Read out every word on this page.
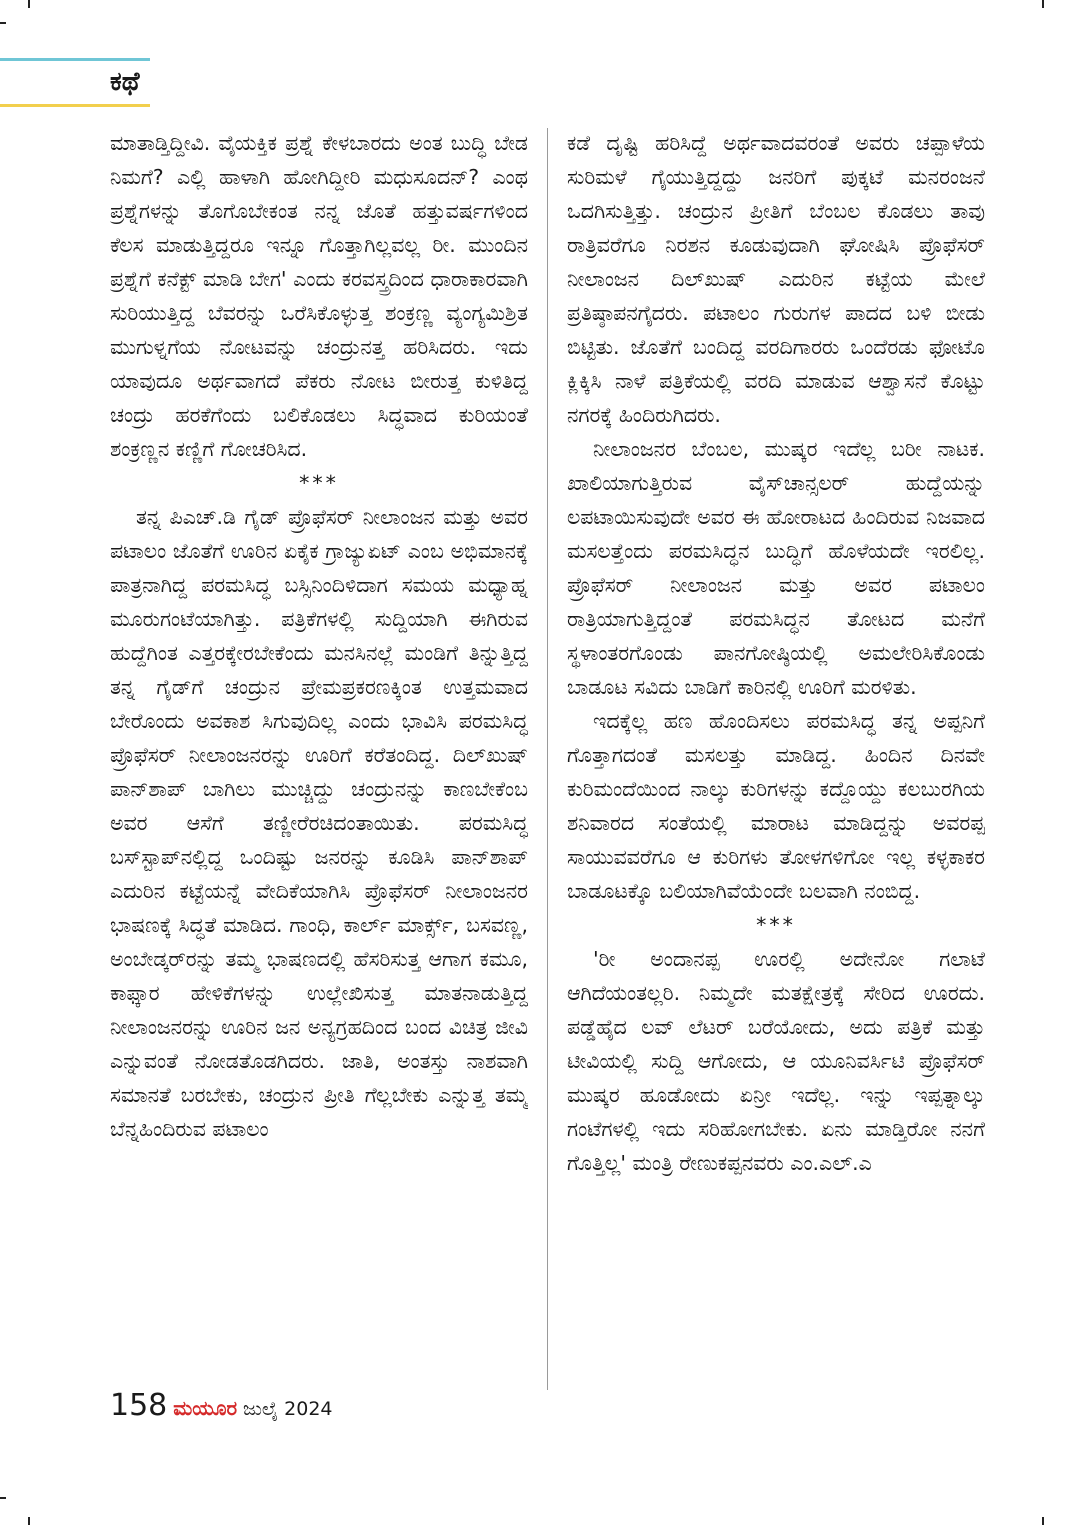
ಕಥೆ

ಮಾತಾಡ್ತಿದ್ದೀವಿ. ವೈಯಕ್ತಿಕ ಪ್ರಶ್ನೆ ಕೇಳಬಾರದು ಅಂತ ಬುದ್ಧಿ ಬೇಡ ನಿಮಗೆ? ಎಲ್ಲಿ ಹಾಳಾಗಿ ಹೋಗಿದ್ದೀರಿ ಮಧುಸೂದನ್? ಎಂಥ ಪ್ರಶ್ನೆಗಳನ್ನು ತೊಗೊಬೇಕಂತ ನನ್ನ ಜೊತೆ ಹತ್ತುವರ್ಷಗಳಿಂದ ಕೆಲಸ ಮಾಡುತ್ತಿದ್ದರೂ ಇನ್ನೂ ಗೊತ್ತಾಗಿಲ್ಲವಲ್ಲ ರೀ. ಮುಂದಿನ ಪ್ರಶ್ನೆಗೆ ಕನೆಕ್ಟ್ ಮಾಡಿ ಬೇಗ' ಎಂದು ಕರವಸ್ತ್ರದಿಂದ ಧಾರಾಕಾರವಾಗಿ ಸುರಿಯುತ್ತಿದ್ದ ಬೆವರನ್ನು ಒರೆಸಿಕೊಳ್ಳುತ್ತ ಶಂಕ್ರಣ್ಣ ವ್ಯಂಗ್ಯಮಿಶ್ರಿತ ಮುಗುಳ್ನಗೆಯ ನೋಟವನ್ನು ಚಂದ್ರುನತ್ತ ಹರಿಸಿದರು. ಇದು ಯಾವುದೂ ಅರ್ಥವಾಗದೆ ಪೆಕರು ನೋಟ ಬೀರುತ್ತ ಕುಳಿತಿದ್ದ ಚಂದ್ರು ಹರಕೆಗೆಂದು ಬಲಿಕೊಡಲು ಸಿದ್ಧವಾದ ಕುರಿಯಂತೆ ಶಂಕ್ರಣ್ಣನ ಕಣ್ಣಿಗೆ ಗೋಚರಿಸಿದ.

***

ತನ್ನ ಪಿಎಚ್.ಡಿ ಗೈಡ್ ಪ್ರೊಫೆಸರ್ ನೀಲಾಂಜನ ಮತ್ತು ಅವರ ಪಟಾಲಂ ಜೊತೆಗೆ ಊರಿನ ಏಕೈಕ ಗ್ರಾಜ್ಯುಏಟ್ ಎಂಬ ಅಭಿಮಾನಕ್ಕೆ ಪಾತ್ರನಾಗಿದ್ದ ಪರಮಸಿದ್ಧ ಬಸ್ಸಿನಿಂದಿಳಿದಾಗ ಸಮಯ ಮಧ್ಯಾಹ್ನ ಮೂರುಗಂಟೆಯಾಗಿತ್ತು. ಪತ್ರಿಕೆಗಳಲ್ಲಿ ಸುದ್ದಿಯಾಗಿ ಈಗಿರುವ ಹುದ್ದೆಗಿಂತ ಎತ್ತರಕ್ಕೇರಬೇಕೆಂದು ಮನಸಿನಲ್ಲೆ ಮಂಡಿಗೆ ತಿನ್ನುತ್ತಿದ್ದ ತನ್ನ ಗೈಡ್‌ಗೆ ಚಂದ್ರುನ ಪ್ರೇಮಪ್ರಕರಣಕ್ಕಿಂತ ಉತ್ತಮವಾದ ಬೇರೊಂದು ಅವಕಾಶ ಸಿಗುವುದಿಲ್ಲ ಎಂದು ಭಾವಿಸಿ ಪರಮಸಿದ್ಧ ಪ್ರೊಫೆಸರ್ ನೀಲಾಂಜನರನ್ನು ಊರಿಗೆ ಕರೆತಂದಿದ್ದ. ದಿಲ್‌ಖುಷ್ ಪಾನ್‌ಶಾಪ್ ಬಾಗಿಲು ಮುಚ್ಚಿದ್ದು ಚಂದ್ರುನನ್ನು ಕಾಣಬೇಕೆಂಬ ಅವರ ಆಸೆಗೆ ತಣ್ಣೀರೆರಚಿದಂತಾಯಿತು. ಪರಮಸಿದ್ಧ ಬಸ್‌ಸ್ಟಾಪ್‌ನಲ್ಲಿದ್ದ ಒಂದಿಷ್ಟು ಜನರನ್ನು ಕೂಡಿಸಿ ಪಾನ್‌ಶಾಪ್ ಎದುರಿನ ಕಟ್ಟೆಯನ್ನೆ ವೇದಿಕೆಯಾಗಿಸಿ ಪ್ರೊಫೆಸರ್ ನೀಲಾಂಜನರ ಭಾಷಣಕ್ಕೆ ಸಿದ್ಧತೆ ಮಾಡಿದ. ಗಾಂಧಿ, ಕಾರ್ಲ್ ಮಾರ್ಕ್ಸ್, ಬಸವಣ್ಣ, ಅಂಬೇಡ್ಕರ್‌ರನ್ನು ತಮ್ಮ ಭಾಷಣದಲ್ಲಿ ಹೆಸರಿಸುತ್ತ ಆಗಾಗ ಕಮೂ, ಕಾಫ್ಕಾರ ಹೇಳಿಕೆಗಳನ್ನು ಉಲ್ಲೇಖಿಸುತ್ತ ಮಾತನಾಡುತ್ತಿದ್ದ ನೀಲಾಂಜನರನ್ನು ಊರಿನ ಜನ ಅನ್ಯಗ್ರಹದಿಂದ ಬಂದ ವಿಚಿತ್ರ ಜೀವಿ ಎನ್ನುವಂತೆ ನೋಡತೊಡಗಿದರು. ಜಾತಿ, ಅಂತಸ್ತು ನಾಶವಾಗಿ ಸಮಾನತೆ ಬರಬೇಕು, ಚಂದ್ರುನ ಪ್ರೀತಿ ಗೆಲ್ಲಬೇಕು ಎನ್ನುತ್ತ ತಮ್ಮ ಬೆನ್ನಹಿಂದಿರುವ ಪಟಾಲಂ

ಕಡೆ ದೃಷ್ಟಿ ಹರಿಸಿದ್ದೆ ಅರ್ಥವಾದವರಂತೆ ಅವರು ಚಪ್ಪಾಳೆಯ ಸುರಿಮಳೆ ಗೈಯುತ್ತಿದ್ದದ್ದು ಜನರಿಗೆ ಪುಕ್ಕಟೆ ಮನರಂಜನೆ ಒದಗಿಸುತ್ತಿತ್ತು. ಚಂದ್ರುನ ಪ್ರೀತಿಗೆ ಬೆಂಬಲ ಕೊಡಲು ತಾವು ರಾತ್ರಿವರೆಗೂ ನಿರಶನ ಕೂಡುವುದಾಗಿ ಘೋಷಿಸಿ ಪ್ರೊಫೆಸರ್ ನೀಲಾಂಜನ ದಿಲ್‌ಖುಷ್ ಎದುರಿನ ಕಟ್ಟೆಯ ಮೇಲೆ ಪ್ರತಿಷ್ಠಾಪನಗೈದರು. ಪಟಾಲಂ ಗುರುಗಳ ಪಾದದ ಬಳಿ ಬೀಡು ಬಿಟ್ಟಿತು. ಜೊತೆಗೆ ಬಂದಿದ್ದ ವರದಿಗಾರರು ಒಂದೆರಡು ಫೋಟೊ ಕ್ಲಿಕ್ಕಿಸಿ ನಾಳೆ ಪತ್ರಿಕೆಯಲ್ಲಿ ವರದಿ ಮಾಡುವ ಆಶ್ವಾಸನೆ ಕೊಟ್ಟು ನಗರಕ್ಕೆ ಹಿಂದಿರುಗಿದರು.

ನೀಲಾಂಜನರ ಬೆಂಬಲ, ಮುಷ್ಕರ ಇದೆಲ್ಲ ಬರೀ ನಾಟಕ. ಖಾಲಿಯಾಗುತ್ತಿರುವ ವೈಸ್‌ಚಾನ್ಸಲರ್ ಹುದ್ದೆಯನ್ನು ಲಪಟಾಯಿಸುವುದೇ ಅವರ ಈ ಹೋರಾಟದ ಹಿಂದಿರುವ ನಿಜವಾದ ಮಸಲತ್ತೆಂದು ಪರಮಸಿದ್ಧನ ಬುದ್ಧಿಗೆ ಹೊಳೆಯದೇ ಇರಲಿಲ್ಲ. ಪ್ರೊಫೆಸರ್ ನೀಲಾಂಜನ ಮತ್ತು ಅವರ ಪಟಾಲಂ ರಾತ್ರಿಯಾಗುತ್ತಿದ್ದಂತೆ ಪರಮಸಿದ್ಧನ ತೋಟದ ಮನೆಗೆ ಸ್ಥಳಾಂತರಗೊಂಡು ಪಾನಗೋಷ್ಠಿಯಲ್ಲಿ ಅಮಲೇರಿಸಿಕೊಂಡು ಬಾಡೂಟ ಸವಿದು ಬಾಡಿಗೆ ಕಾರಿನಲ್ಲಿ ಊರಿಗೆ ಮರಳಿತು.

ಇದಕ್ಕೆಲ್ಲ ಹಣ ಹೊಂದಿಸಲು ಪರಮಸಿದ್ಧ ತನ್ನ ಅಪ್ಪನಿಗೆ ಗೊತ್ತಾಗದಂತೆ ಮಸಲತ್ತು ಮಾಡಿದ್ದ. ಹಿಂದಿನ ದಿನವೇ ಕುರಿಮಂದೆಯಿಂದ ನಾಲ್ಕು ಕುರಿಗಳನ್ನು ಕದ್ದೊಯ್ದು ಕಲಬುರಗಿಯ ಶನಿವಾರದ ಸಂತೆಯಲ್ಲಿ ಮಾರಾಟ ಮಾಡಿದ್ದನ್ನು ಅವರಪ್ಪ ಸಾಯುವವರೆಗೂ ಆ ಕುರಿಗಳು ತೋಳಗಳಿಗೋ ಇಲ್ಲ ಕಳ್ಳಕಾಕರ ಬಾಡೂಟಕ್ಕೊ ಬಲಿಯಾಗಿವೆಯೆಂದೇ ಬಲವಾಗಿ ನಂಬಿದ್ದ.

***

'ರೀ ಅಂದಾನಪ್ಪ ಊರಲ್ಲಿ ಅದೇನೋ ಗಲಾಟೆ ಆಗಿದೆಯಂತಲ್ಲರಿ. ನಿಮ್ಮದೇ ಮತಕ್ಷೇತ್ರಕ್ಕೆ ಸೇರಿದ ಊರದು. ಪಡ್ಡೆಹೈದ ಲವ್ ಲೆಟರ್ ಬರೆಯೋದು, ಅದು ಪತ್ರಿಕೆ ಮತ್ತು ಟೀವಿಯಲ್ಲಿ ಸುದ್ದಿ ಆಗೋದು, ಆ ಯೂನಿವರ್ಸಿಟಿ ಪ್ರೊಫೆಸರ್ ಮುಷ್ಕರ ಹೂಡೋದು ಏನ್ರೀ ಇದೆಲ್ಲ. ಇನ್ನು ಇಪ್ಪತ್ನಾಲ್ಕು ಗಂಟೆಗಳಲ್ಲಿ ಇದು ಸರಿಹೋಗಬೇಕು. ಏನು ಮಾಡ್ತಿರೋ ನನಗೆ ಗೊತ್ತಿಲ್ಲ' ಮಂತ್ರಿ ರೇಣುಕಪ್ಪನವರು ಎಂ.ಎಲ್.ಎ

158 ಮಯೂರ ಜುಲೈ 2024
